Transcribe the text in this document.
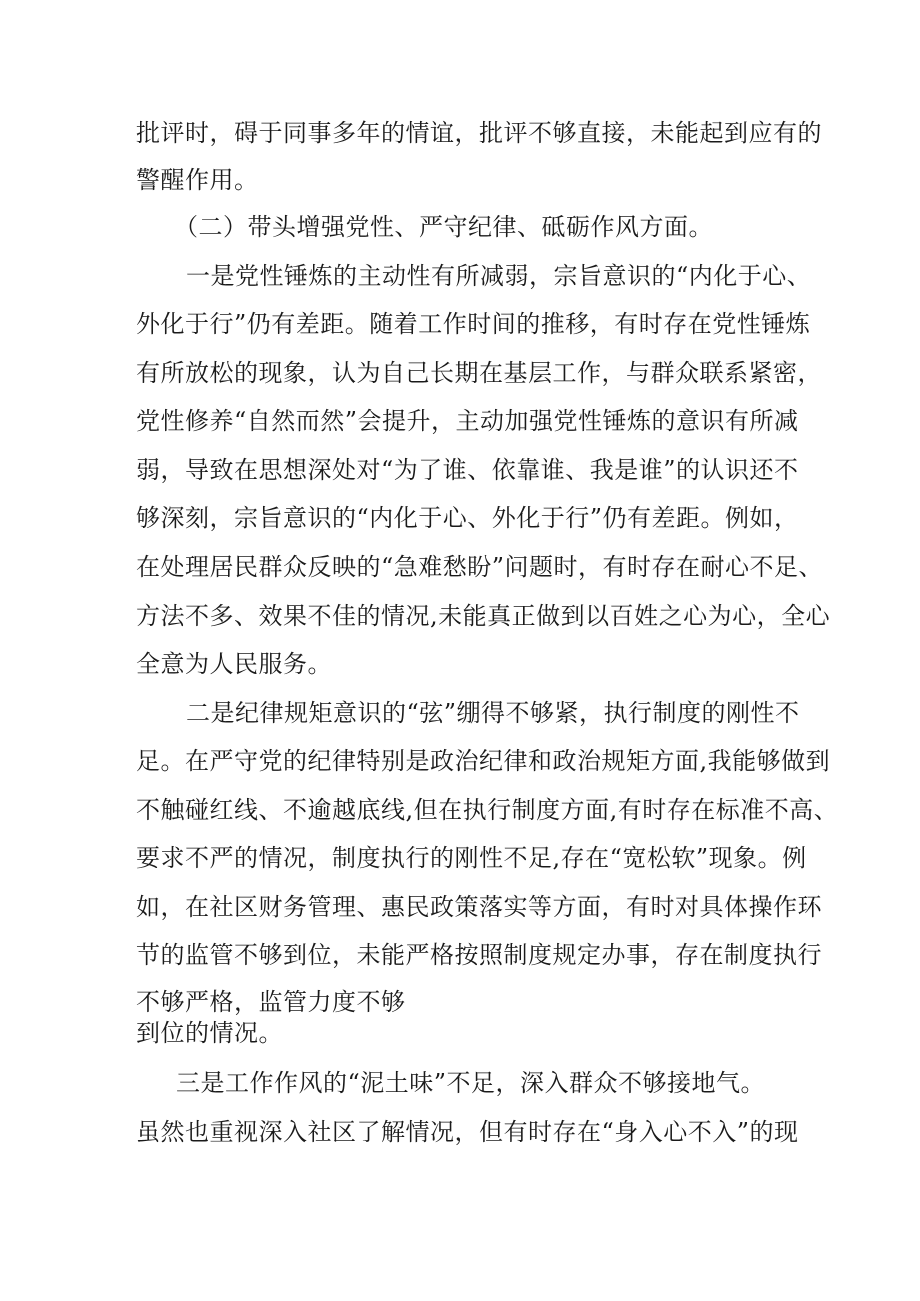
批评时，碍于同事多年的情谊，批评不够直接，未能起到应有的
警醒作用。
（二）带头增强党性、严守纪律、砥砺作风方面。
一是党性锤炼的主动性有所减弱，宗旨意识的“内化于心、
外化于行”仍有差距。随着工作时间的推移，有时存在党性锤炼
有所放松的现象，认为自己长期在基层工作，与群众联系紧密，
党性修养“自然而然”会提升，主动加强党性锤炼的意识有所减
弱，导致在思想深处对“为了谁、依靠谁、我是谁”的认识还不
够深刻，宗旨意识的“内化于心、外化于行”仍有差距。例如，
在处理居民群众反映的“急难愁盼”问题时，有时存在耐心不足、
方法不多、效果不佳的情况,未能真正做到以百姓之心为心，全心
全意为人民服务。
二是纪律规矩意识的“弦”绷得不够紧，执行制度的刚性不
足。在严守党的纪律特别是政治纪律和政治规矩方面,我能够做到
不触碰红线、不逾越底线,但在执行制度方面,有时存在标准不高、
要求不严的情况，制度执行的刚性不足,存在“宽松软”现象。例
如，在社区财务管理、惠民政策落实等方面，有时对具体操作环
节的监管不够到位，未能严格按照制度规定办事，存在制度执行
不够严格，监管力度不够
到位的情况。
三是工作作风的“泥土味”不足，深入群众不够接地气。
虽然也重视深入社区了解情况，但有时存在“身入心不入”的现
